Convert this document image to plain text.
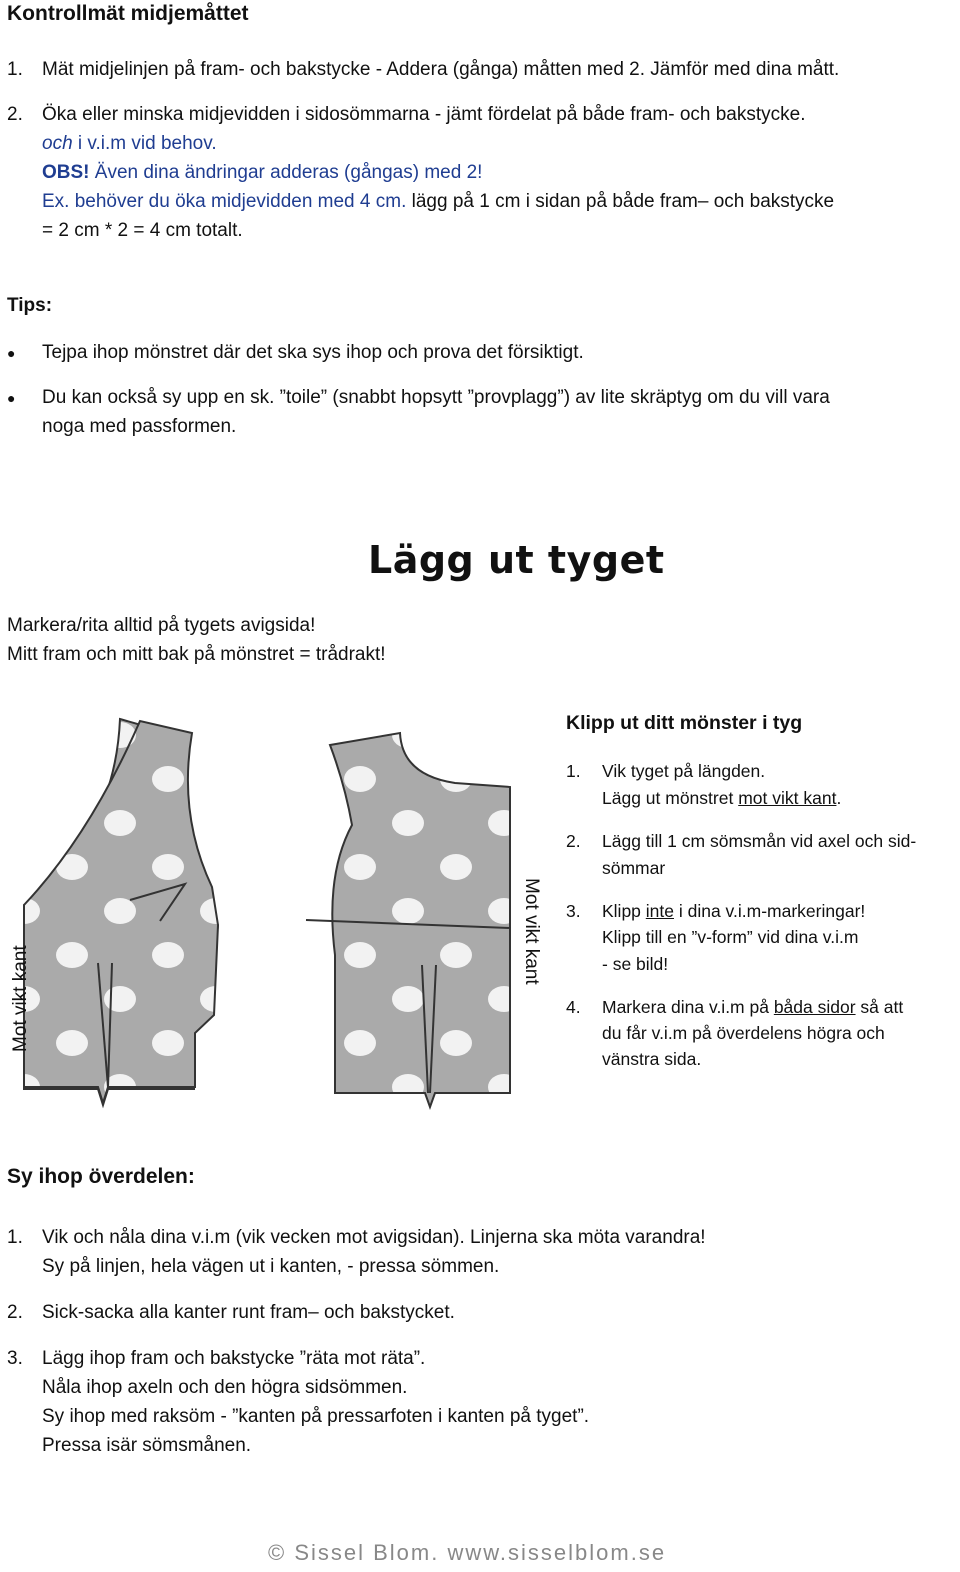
Kontrollmät midjemåttet
1. Mät midjelinjen på fram- och bakstycke - Addera (gånga) måtten med 2. Jämför med dina mått.
2. Öka eller minska midjevidden i sidosömmarna - jämt fördelat på både fram- och bakstycke.
och i v.i.m vid behov.
OBS! Även dina ändringar adderas (gångas) med 2!
Ex. behöver du öka midjevidden med 4 cm. lägg på 1 cm i sidan på både fram– och bakstycke
= 2 cm * 2 = 4 cm totalt.
Tips:
● Tejpa ihop mönstret där det ska sys ihop och prova det försiktigt.
● Du kan också sy upp en sk. ”toile” (snabbt hopsytt ”provplagg”) av lite skräptyg om du vill vara
noga med passformen.
Lägg ut tyget
Markera/rita alltid på tygets avigsida!
Mitt fram och mitt bak på mönstret = trådrakt!
Mot vikt kant
Mot vikt kant
Klipp ut ditt mönster i tyg
1. Vik tyget på längden.
Lägg ut mönstret mot vikt kant.
2. Lägg till 1 cm sömsmån vid axel och sid-
sömmar
3. Klipp inte i dina v.i.m-markeringar!
Klipp till en ”v-form” vid dina v.i.m
- se bild!
4. Markera dina v.i.m på båda sidor så att
du får v.i.m på överdelens högra och
vänstra sida.
Sy ihop överdelen:
1. Vik och nåla dina v.i.m (vik vecken mot avigsidan). Linjerna ska möta varandra!
Sy på linjen, hela vägen ut i kanten, - pressa sömmen.
2. Sick-sacka alla kanter runt fram– och bakstycket.
3. Lägg ihop fram och bakstycke ”räta mot räta”.
Nåla ihop axeln och den högra sidsömmen.
Sy ihop med raksöm - ”kanten på pressarfoten i kanten på tyget”.
Pressa isär sömsmånen.
© Sissel Blom. www.sisselblom.se
